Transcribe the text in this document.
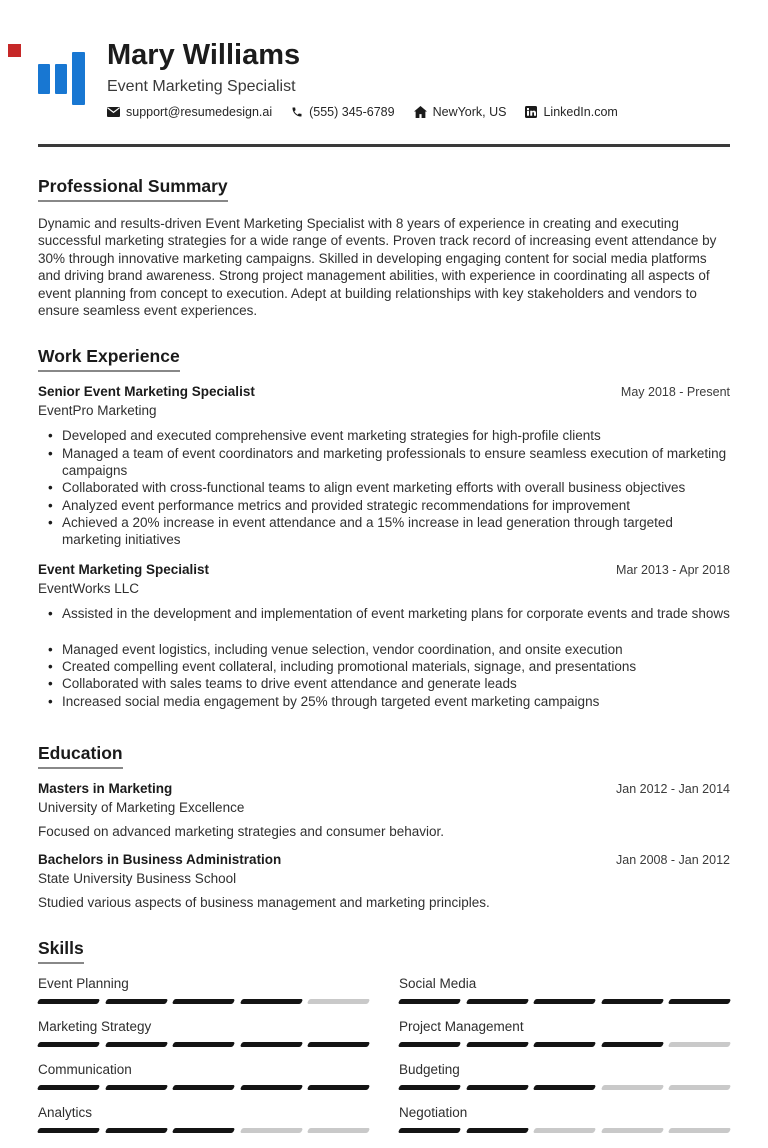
Mary Williams
Event Marketing Specialist
support@resumedesign.ai	(555) 345-6789	NewYork, US	LinkedIn.com
Professional Summary

Dynamic and results-driven Event Marketing Specialist with 8 years of experience in creating and executing successful marketing strategies for a wide range of events. Proven track record of increasing event attendance by 30% through innovative marketing campaigns. Skilled in developing engaging content for social media platforms and driving brand awareness. Strong project management abilities, with experience in coordinating all aspects of event planning from concept to execution. Adept at building relationships with key stakeholders and vendors to ensure seamless event experiences.

Work Experience
Senior Event Marketing Specialist	May 2018 - Present
EventPro Marketing
• Developed and executed comprehensive event marketing strategies for high-profile clients
• Managed a team of event coordinators and marketing professionals to ensure seamless execution of marketing campaigns
• Collaborated with cross-functional teams to align event marketing efforts with overall business objectives
• Analyzed event performance metrics and provided strategic recommendations for improvement
• Achieved a 20% increase in event attendance and a 15% increase in lead generation through targeted marketing initiatives
Event Marketing Specialist	Mar 2013 - Apr 2018
EventWorks LLC
• Assisted in the development and implementation of event marketing plans for corporate events and trade shows
• Managed event logistics, including venue selection, vendor coordination, and onsite execution
• Created compelling event collateral, including promotional materials, signage, and presentations
• Collaborated with sales teams to drive event attendance and generate leads
• Increased social media engagement by 25% through targeted event marketing campaigns
Education
Masters in Marketing	Jan 2012 - Jan 2014
University of Marketing Excellence
Focused on advanced marketing strategies and consumer behavior.
Bachelors in Business Administration	Jan 2008 - Jan 2012
State University Business School
Studied various aspects of business management and marketing principles.
Skills
Event Planning
Marketing Strategy
Communication
Analytics
Social Media
Project Management
Budgeting
Negotiation
